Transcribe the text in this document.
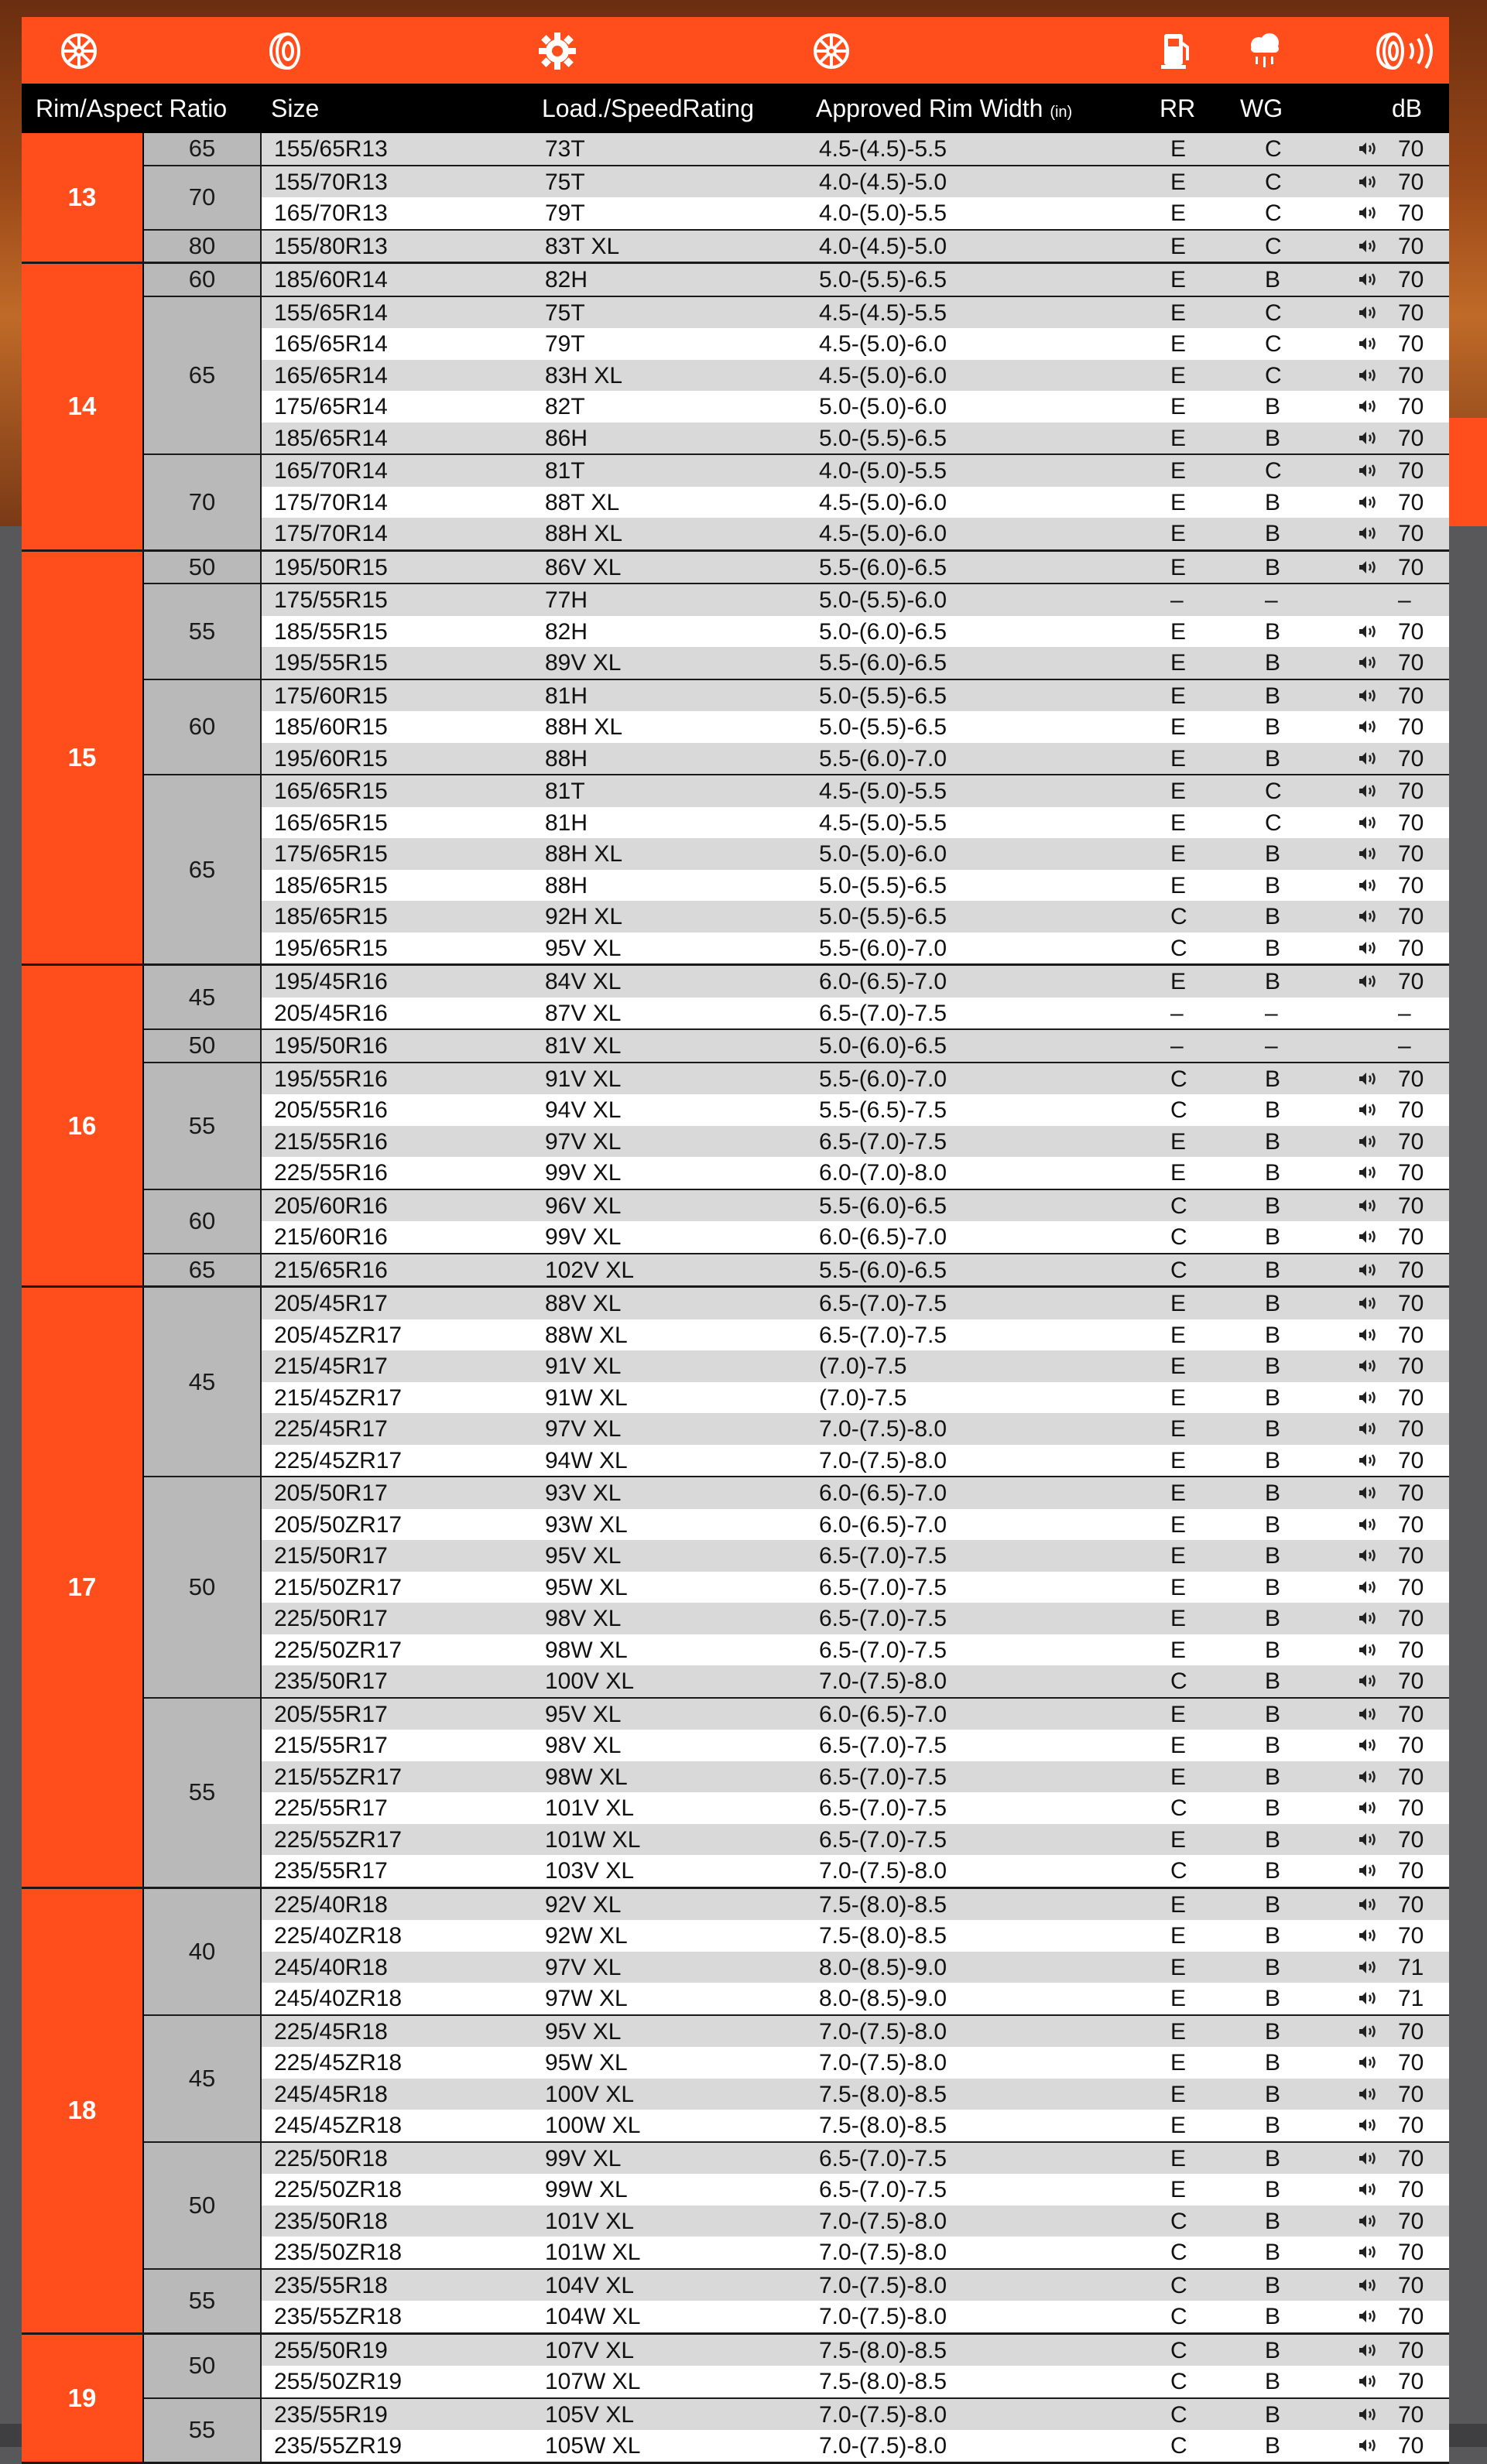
Rim/Aspect Ratio Size	Load./SpeedRating	Approved Rim Width (in)	RR WG	dB
13
65	155/65R13	73T	4.5-(4.5)-5.5	E	C	70
70
155/70R13	75T	4.0-(4.5)-5.0	E	C	70
165/70R13	79T	4.0-(5.0)-5.5	E	C	70
80	155/80R13	83T XL	4.0-(4.5)-5.0	E	C	70
14
60	185/60R14	82H	5.0-(5.5)-6.5	E	B	70
65
155/65R14	75T	4.5-(4.5)-5.5	E	C	70
165/65R14	79T	4.5-(5.0)-6.0	E	C	70
165/65R14	83H XL	4.5-(5.0)-6.0	E	C	70
175/65R14	82T	5.0-(5.0)-6.0	E	B	70
185/65R14	86H	5.0-(5.5)-6.5	E	B	70
70
165/70R14	81T	4.0-(5.0)-5.5	E	C	70
175/70R14	88T XL	4.5-(5.0)-6.0	E	B	70
175/70R14	88H XL	4.5-(5.0)-6.0	E	B	70
15
50	195/50R15	86V XL	5.5-(6.0)-6.5	E	B	70
55
175/55R15	77H	5.0-(5.5)-6.0	–	–	–
185/55R15	82H	5.0-(6.0)-6.5	E	B	70
195/55R15	89V XL	5.5-(6.0)-6.5	E	B	70
60
175/60R15	81H	5.0-(5.5)-6.5	E	B	70
185/60R15	88H XL	5.0-(5.5)-6.5	E	B	70
195/60R15	88H	5.5-(6.0)-7.0	E	B	70
65
165/65R15	81T	4.5-(5.0)-5.5	E	C	70
165/65R15	81H	4.5-(5.0)-5.5	E	C	70
175/65R15	88H XL	5.0-(5.0)-6.0	E	B	70
185/65R15	88H	5.0-(5.5)-6.5	E	B	70
185/65R15	92H XL	5.0-(5.5)-6.5	C	B	70
195/65R15	95V XL	5.5-(6.0)-7.0	C	B	70
16
45
195/45R16	84V XL	6.0-(6.5)-7.0	E	B	70
205/45R16	87V XL	6.5-(7.0)-7.5	–	–	–
50	195/50R16	81V XL	5.0-(6.0)-6.5	–	–	–
55
195/55R16	91V XL	5.5-(6.0)-7.0	C	B	70
205/55R16	94V XL	5.5-(6.5)-7.5	C	B	70
215/55R16	97V XL	6.5-(7.0)-7.5	E	B	70
225/55R16	99V XL	6.0-(7.0)-8.0	E	B	70
60
205/60R16	96V XL	5.5-(6.0)-6.5	C	B	70
215/60R16	99V XL	6.0-(6.5)-7.0	C	B	70
65	215/65R16	102V XL	5.5-(6.0)-6.5	C	B	70
17
45
205/45R17	88V XL	6.5-(7.0)-7.5	E	B	70
205/45ZR17	88W XL	6.5-(7.0)-7.5	E	B	70
215/45R17	91V XL	(7.0)-7.5	E	B	70
215/45ZR17	91W XL	(7.0)-7.5	E	B	70
225/45R17	97V XL	7.0-(7.5)-8.0	E	B	70
225/45ZR17	94W XL	7.0-(7.5)-8.0	E	B	70
50
205/50R17	93V XL	6.0-(6.5)-7.0	E	B	70
205/50ZR17	93W XL	6.0-(6.5)-7.0	E	B	70
215/50R17	95V XL	6.5-(7.0)-7.5	E	B	70
215/50ZR17	95W XL	6.5-(7.0)-7.5	E	B	70
225/50R17	98V XL	6.5-(7.0)-7.5	E	B	70
225/50ZR17	98W XL	6.5-(7.0)-7.5	E	B	70
235/50R17	100V XL	7.0-(7.5)-8.0	C	B	70
55
205/55R17	95V XL	6.0-(6.5)-7.0	E	B	70
215/55R17	98V XL	6.5-(7.0)-7.5	E	B	70
215/55ZR17	98W XL	6.5-(7.0)-7.5	E	B	70
225/55R17	101V XL	6.5-(7.0)-7.5	C	B	70
225/55ZR17	101W XL	6.5-(7.0)-7.5	E	B	70
235/55R17	103V XL	7.0-(7.5)-8.0	C	B	70
18
40
225/40R18	92V XL	7.5-(8.0)-8.5	E	B	70
225/40ZR18	92W XL	7.5-(8.0)-8.5	E	B	70
245/40R18	97V XL	8.0-(8.5)-9.0	E	B	71
245/40ZR18	97W XL	8.0-(8.5)-9.0	E	B	71
45
225/45R18	95V XL	7.0-(7.5)-8.0	E	B	70
225/45ZR18	95W XL	7.0-(7.5)-8.0	E	B	70
245/45R18	100V XL	7.5-(8.0)-8.5	E	B	70
245/45ZR18	100W XL	7.5-(8.0)-8.5	E	B	70
50
225/50R18	99V XL	6.5-(7.0)-7.5	E	B	70
225/50ZR18	99W XL	6.5-(7.0)-7.5	E	B	70
235/50R18	101V XL	7.0-(7.5)-8.0	C	B	70
235/50ZR18	101W XL	7.0-(7.5)-8.0	C	B	70
55
235/55R18	104V XL	7.0-(7.5)-8.0	C	B	70
235/55ZR18	104W XL	7.0-(7.5)-8.0	C	B	70
19
50
255/50R19	107V XL	7.5-(8.0)-8.5	C	B	70
255/50ZR19	107W XL	7.5-(8.0)-8.5	C	B	70
55
235/55R19	105V XL	7.0-(7.5)-8.0	C	B	70
235/55ZR19	105W XL	7.0-(7.5)-8.0	C	B	70
